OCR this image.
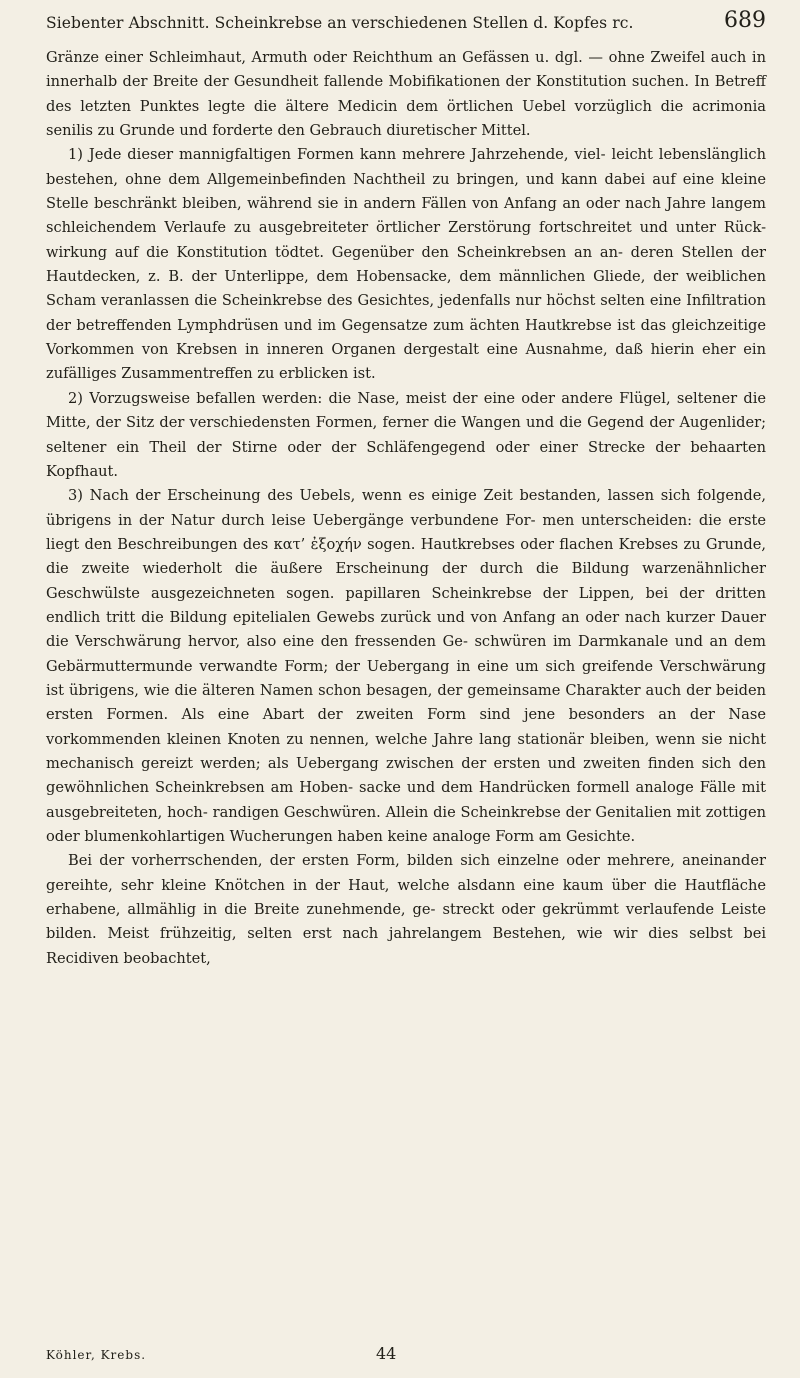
Siebenter Abschnitt. Scheinkrebse an verschiedenen Stellen d. Kopfes rc.	689

Gränze einer Schleimhaut, Armuth oder Reichthum an Gefässen u. dgl. — ohne Zweifel auch in innerhalb der Breite der Gesundheit fallende Mobifikationen der Konstitution suchen. In Betreff des letzten Punktes legte die ältere Medicin dem örtlichen Uebel vorzüglich die acrimonia senilis zu Grunde und forderte den Gebrauch diuretischer Mittel.

1) Jede dieser mannigfaltigen Formen kann mehrere Jahrzehende, viel- leicht lebenslänglich bestehen, ohne dem Allgemeinbefinden Nachtheil zu bringen, und kann dabei auf eine kleine Stelle beschränkt bleiben, während sie in andern Fällen von Anfang an oder nach Jahre langem schleichendem Verlaufe zu ausgebreiteter örtlicher Zerstörung fortschreitet und unter Rück- wirkung auf die Konstitution tödtet. Gegenüber den Scheinkrebsen an an- deren Stellen der Hautdecken, z. B. der Unterlippe, dem Hobensacke, dem männlichen Gliede, der weiblichen Scham veranlassen die Scheinkrebse des Gesichtes, jedenfalls nur höchst selten eine Infiltration der betreffenden Lymphdrüsen und im Gegensatze zum ächten Hautkrebse ist das gleichzeitige Vorkommen von Krebsen in inneren Organen dergestalt eine Ausnahme, daß hierin eher ein zufälliges Zusammentreffen zu erblicken ist.

2) Vorzugsweise befallen werden: die Nase, meist der eine oder andere Flügel, seltener die Mitte, der Sitz der verschiedensten Formen, ferner die Wangen und die Gegend der Augenlider; seltener ein Theil der Stirne oder der Schläfengegend oder einer Strecke der behaarten Kopfhaut.

3) Nach der Erscheinung des Uebels, wenn es einige Zeit bestanden, lassen sich folgende, übrigens in der Natur durch leise Uebergänge verbundene For- men unterscheiden: die erste liegt den Beschreibungen des κατ’ ἐξοχήν sogen. Hautkrebses oder flachen Krebses zu Grunde, die zweite wiederholt die äußere Erscheinung der durch die Bildung warzenähnlicher Geschwülste ausgezeichneten sogen. papillaren Scheinkrebse der Lippen, bei der dritten endlich tritt die Bildung epitelialen Gewebs zurück und von Anfang an oder nach kurzer Dauer die Verschwärung hervor, also eine den fressenden Ge- schwüren im Darmkanale und an dem Gebärmuttermunde verwandte Form; der Uebergang in eine um sich greifende Verschwärung ist übrigens, wie die älteren Namen schon besagen, der gemeinsame Charakter auch der beiden ersten Formen. Als eine Abart der zweiten Form sind jene besonders an der Nase vorkommenden kleinen Knoten zu nennen, welche Jahre lang stationär bleiben, wenn sie nicht mechanisch gereizt werden; als Uebergang zwischen der ersten und zweiten finden sich den gewöhnlichen Scheinkrebsen am Hoben- sacke und dem Handrücken formell analoge Fälle mit ausgebreiteten, hoch- randigen Geschwüren. Allein die Scheinkrebse der Genitalien mit zottigen oder blumenkohlartigen Wucherungen haben keine analoge Form am Gesichte.

Bei der vorherrschenden, der ersten Form, bilden sich einzelne oder mehrere, aneinander gereihte, sehr kleine Knötchen in der Haut, welche alsdann eine kaum über die Hautfläche erhabene, allmählig in die Breite zunehmende, ge- streckt oder gekrümmt verlaufende Leiste bilden. Meist frühzeitig, selten erst nach jahrelangem Bestehen, wie wir dies selbst bei Recidiven beobachtet,

Köhler, Krebs.	44
